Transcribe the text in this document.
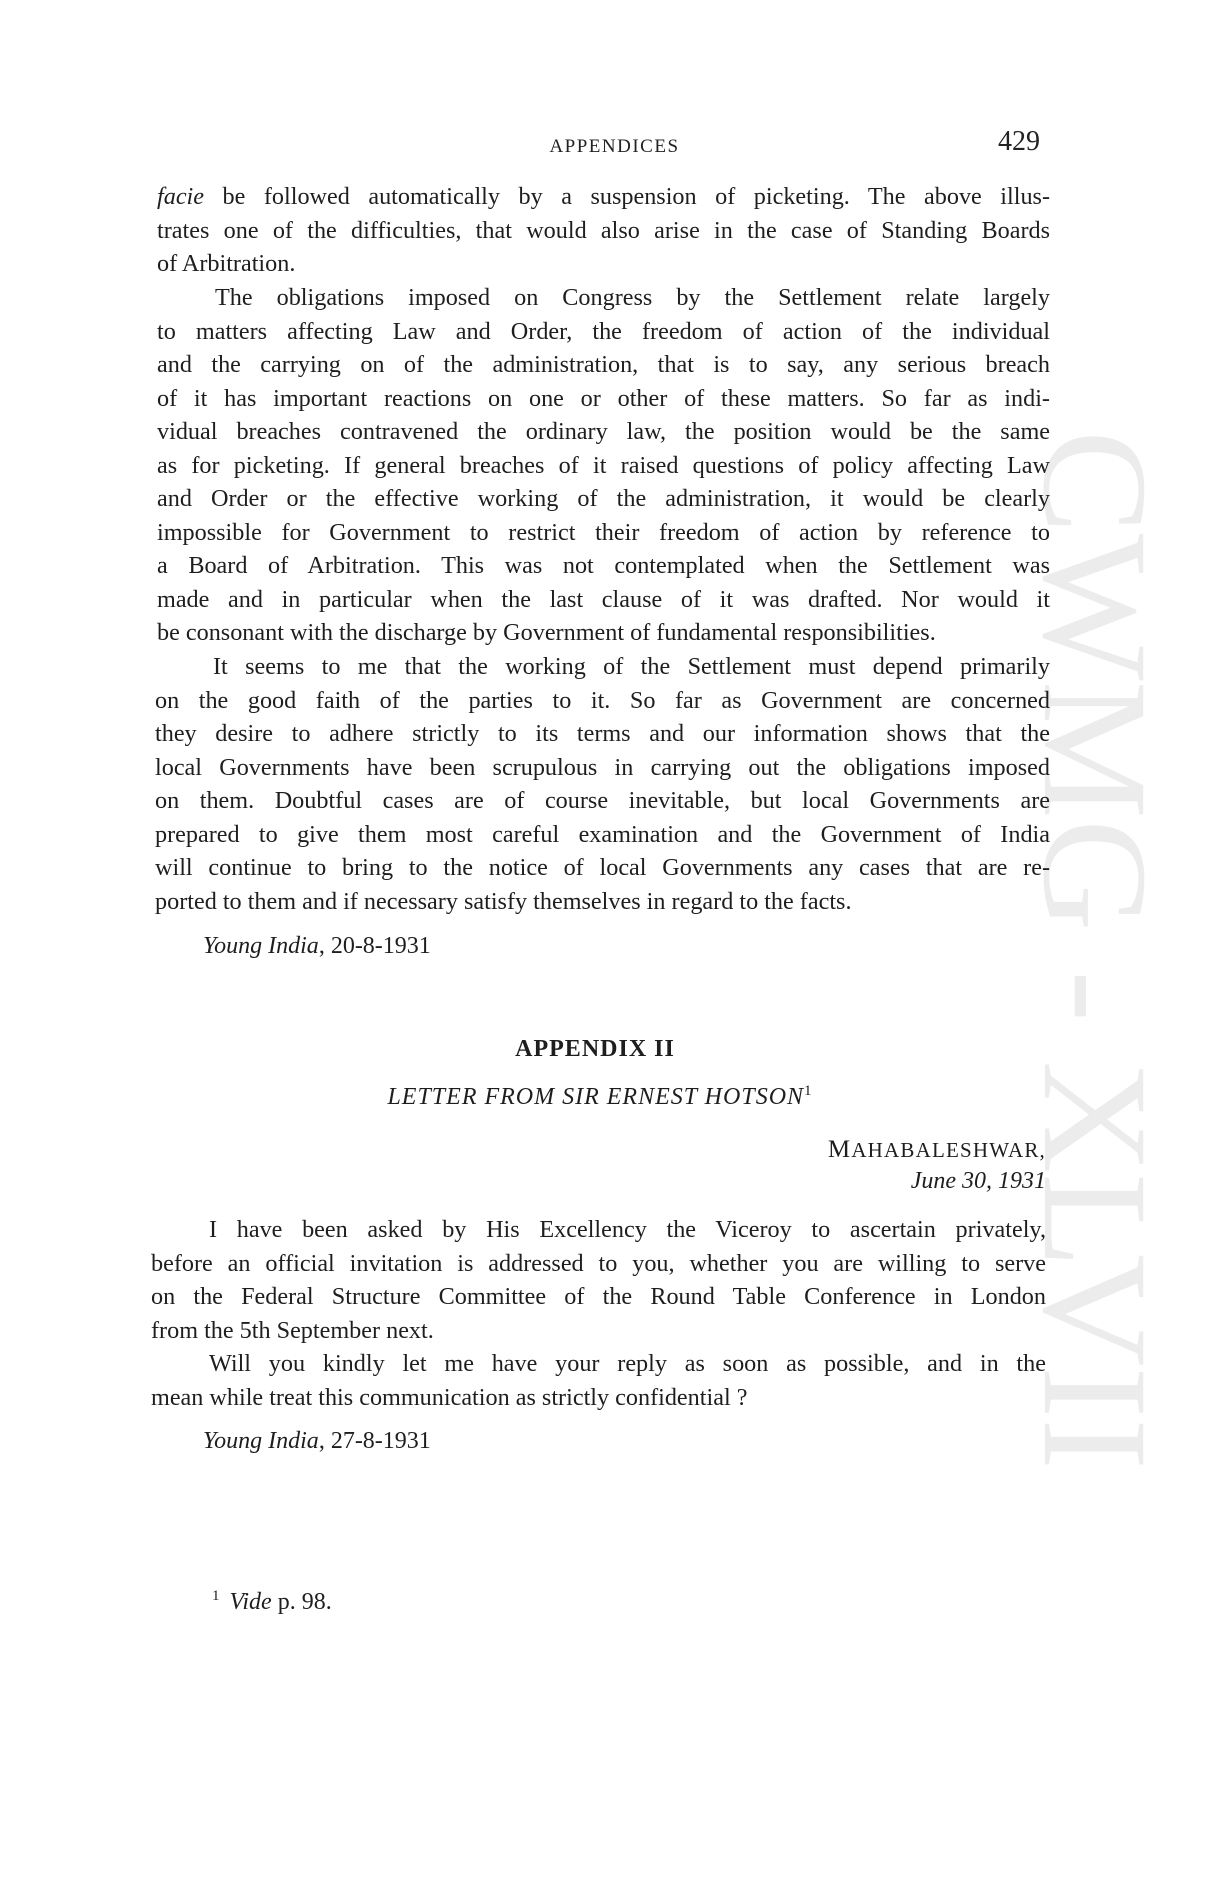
CWMG - XLVII
APPENDICES	429
facie be followed automatically by a suspension of picketing. The above illus-
trates one of the difficulties, that would also arise in the case of Standing Boards
of Arbitration.
The obligations imposed on Congress by the Settlement relate largely
to matters affecting Law and Order, the freedom of action of the individual
and the carrying on of the administration, that is to say, any serious breach
of it has important reactions on one or other of these matters. So far as indi-
vidual breaches contravened the ordinary law, the position would be the same
as for picketing. If general breaches of it raised questions of policy affecting Law
and Order or the effective working of the administration, it would be clearly
impossible for Government to restrict their freedom of action by reference to
a Board of Arbitration. This was not contemplated when the Settlement was
made and in particular when the last clause of it was drafted. Nor would it
be consonant with the discharge by Government of fundamental responsibilities.
It seems to me that the working of the Settlement must depend primarily
on the good faith of the parties to it. So far as Government are concerned
they desire to adhere strictly to its terms and our information shows that the
local Governments have been scrupulous in carrying out the obligations imposed
on them. Doubtful cases are of course inevitable, but local Governments are
prepared to give them most careful examination and the Government of India
will continue to bring to the notice of local Governments any cases that are re-
ported to them and if necessary satisfy themselves in regard to the facts.
Young India, 20-8-1931
APPENDIX II
LETTER FROM SIR ERNEST HOTSON$^1$
MAHABALESHWAR,
June 30, 1931
I have been asked by His Excellency the Viceroy to ascertain privately,
before an official invitation is addressed to you, whether you are willing to serve
on the Federal Structure Committee of the Round Table Conference in London
from the 5th September next.
Will you kindly let me have your reply as soon as possible, and in the
mean while treat this communication as strictly confidential ?
Young India, 27-8-1931
$^1$ Vide p. 98.
